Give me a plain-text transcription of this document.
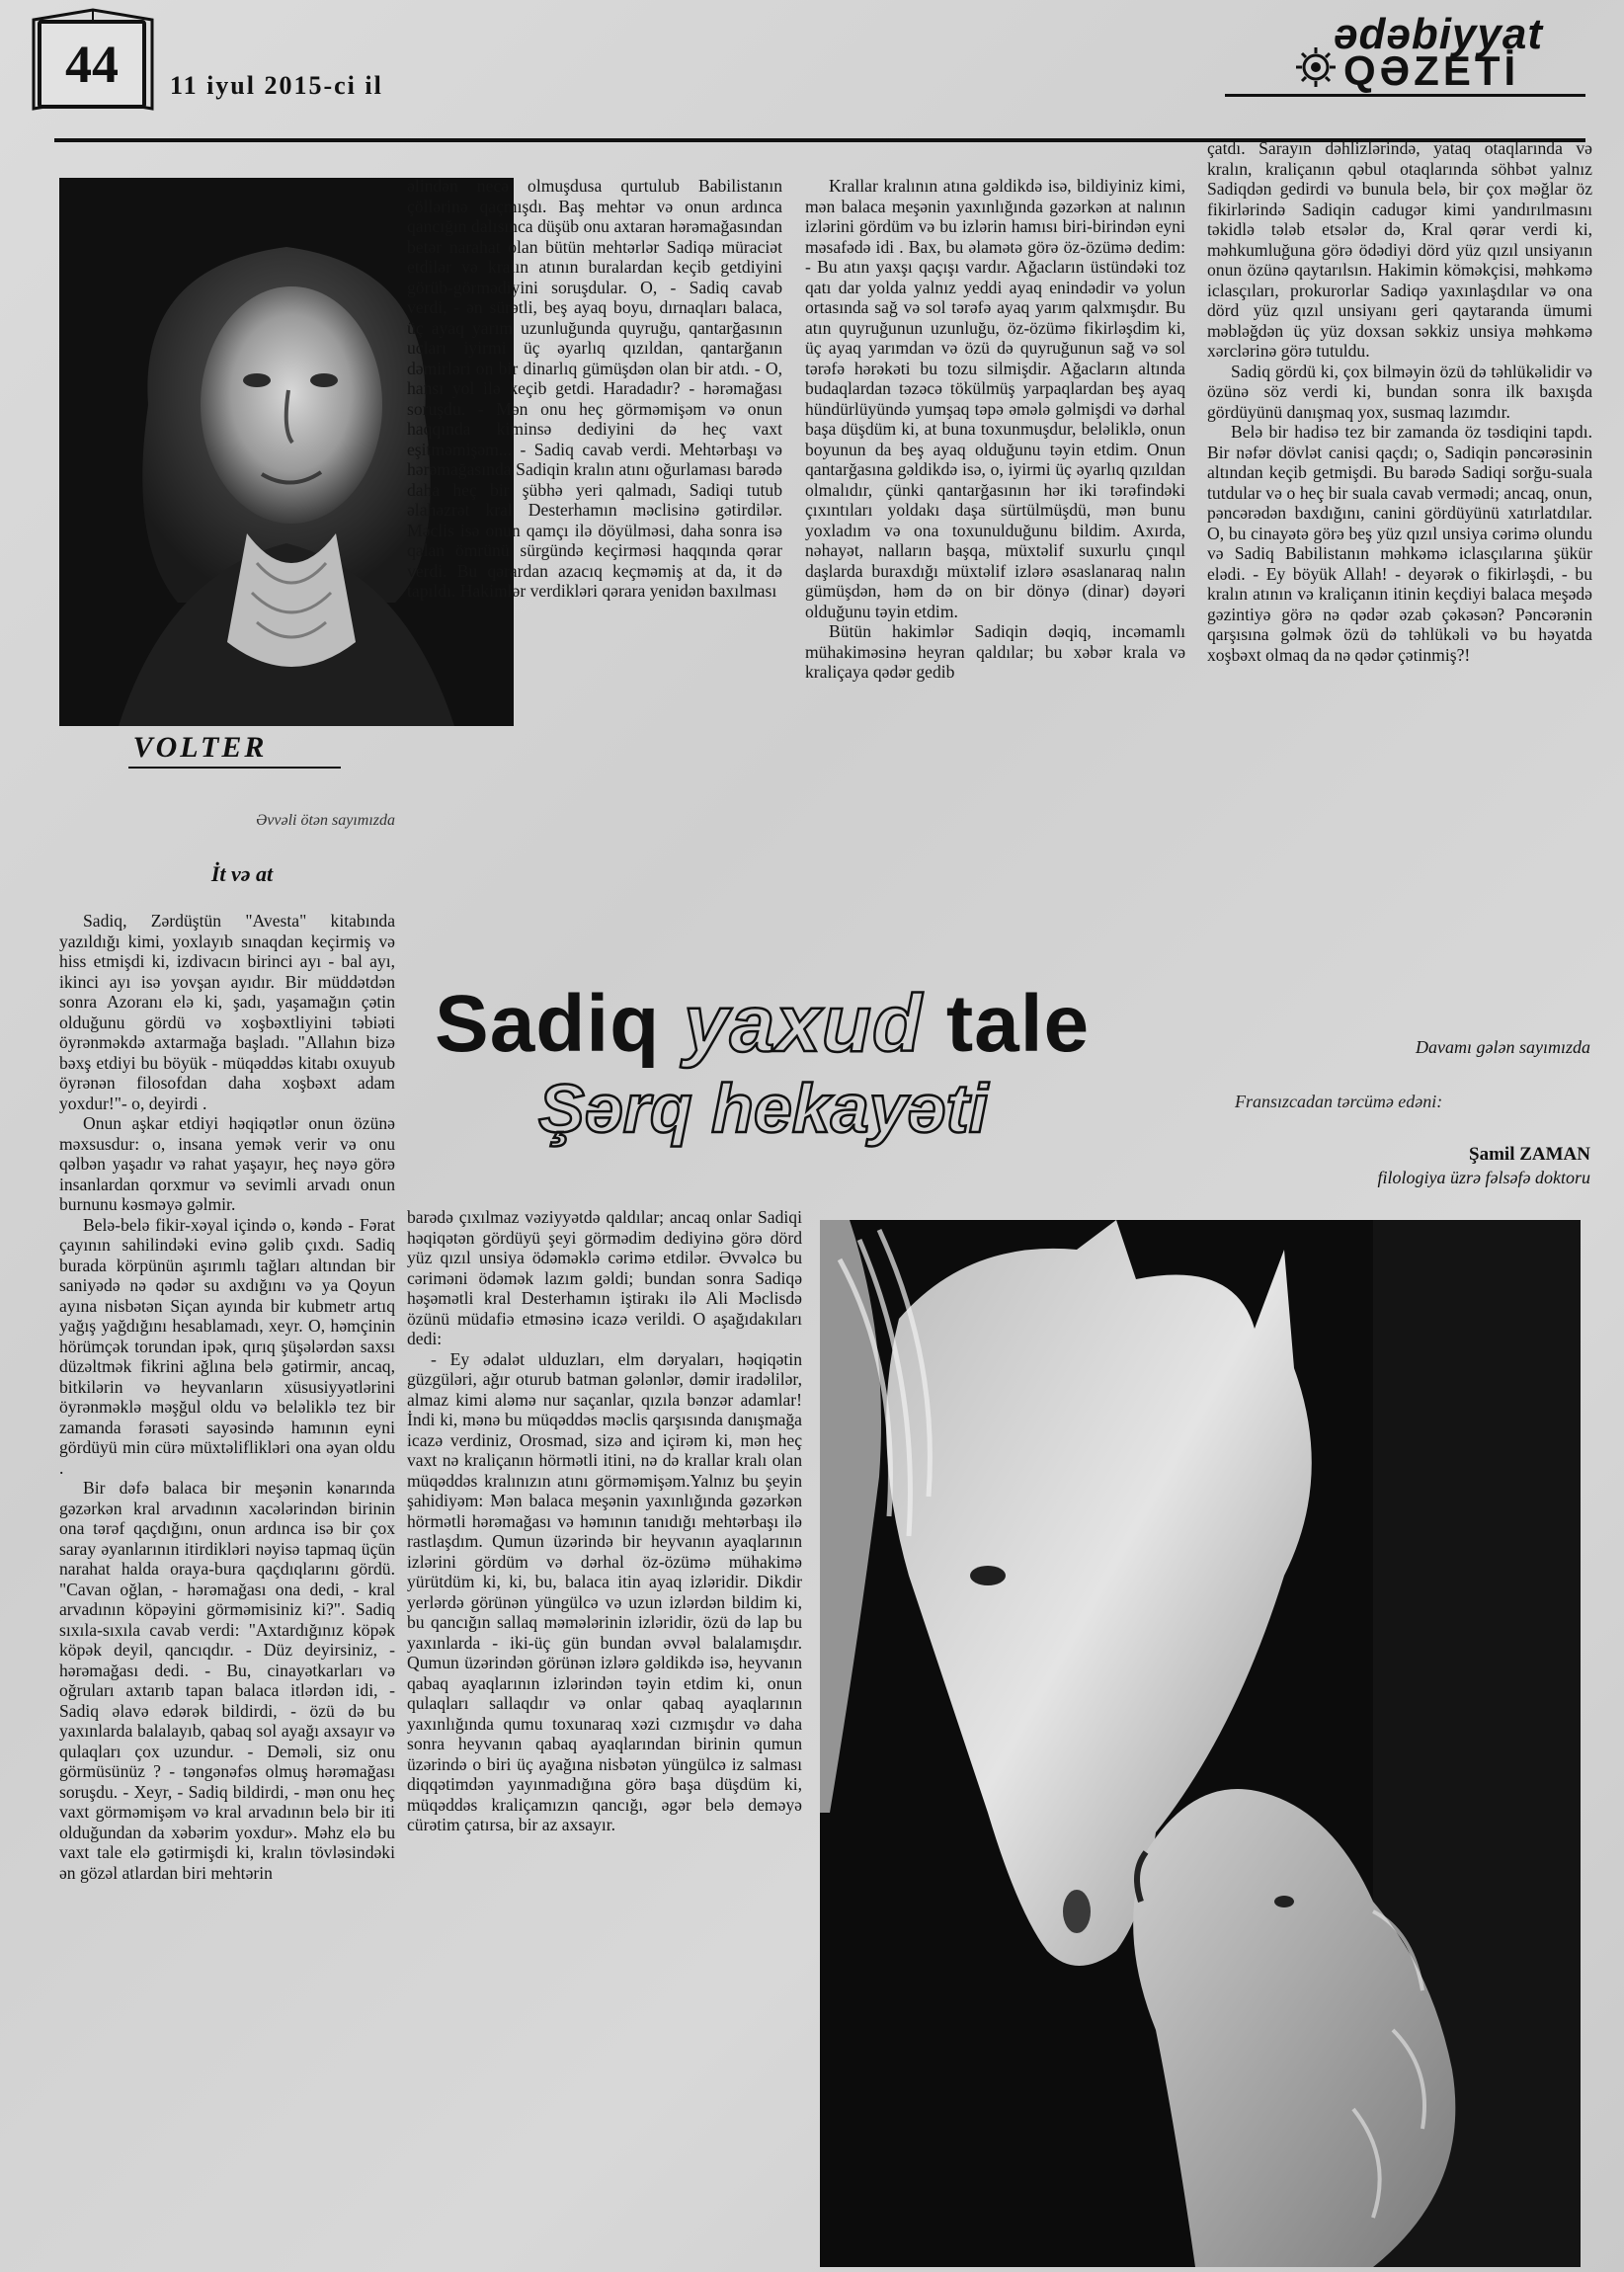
44	11 iyul 2015-ci il
ədəbiyyat
QƏZETİ
VOLTER
Əvvəli ötən sayımızda
İt və at

Sadiq, Zərdüştün "Avesta" kitabında yazıldığı kimi, yoxlayıb sınaqdan keçirmiş və hiss etmişdi ki, izdivacın birinci ayı - bal ayı, ikinci ayı isə yovşan ayıdır. Bir müddətdən sonra Azoranı elə ki, şadı, yaşamağın çətin olduğunu gördü və xoşbəxtliyini təbiəti öyrənməkdə axtarmağa başladı. "Allahın bizə bəxş etdiyi bu böyük - müqəddəs kitabı oxuyub öyrənən filosofdan daha xoşbəxt adam yoxdur!"- o, deyirdi .

Onun aşkar etdiyi həqiqətlər onun özünə məxsusdur: o, insana yemək verir və onu qəlbən yaşadır və rahat yaşayır, heç nəyə görə insanlardan qorxmur və sevimli arvadı onun burnunu kəsməyə gəlmir.

Belə-belə fikir-xəyal içində o, kəndə - Fərat çayının sahilindəki evinə gəlib çıxdı. Sadiq burada körpünün aşırımlı tağları altından bir saniyədə nə qədər su axdığını və ya Qoyun ayına nisbətən Siçan ayında bir kubmetr artıq yağış yağdığını hesablamadı, xeyr. O, həmçinin hörümçək torundan ipək, qırıq şüşələrdən saxsı düzəltmək fikrini ağlına belə gətirmir, ancaq, bitkilərin və heyvanların xüsusiyyətlərini öyrənməklə məşğul oldu və beləliklə tez bir zamanda fərasəti sayəsində hamının eyni gördüyü min cürə müxtəliflikləri ona əyan oldu .

Bir dəfə balaca bir meşənin kənarında gəzərkən kral arvadının xacələrindən birinin ona tərəf qaçdığını, onun ardınca isə bir çox saray əyanlarının itirdikləri nəyisə tapmaq üçün narahat halda oraya-bura qaçdıqlarını gördü. "Cavan oğlan, - hərəmağası ona dedi, - kral arvadının köpəyini görməmisiniz ki?". Sadiq sıxıla-sıxıla cavab verdi: "Axtardığınız köpək köpək deyil, qancıqdır. - Düz deyirsiniz, - hərəmağası dedi. - Bu, cinayətkarları və oğruları axtarıb tapan balaca itlərdən idi, - Sadiq əlavə edərək bildirdi, - özü də bu yaxınlarda balalayıb, qabaq sol ayağı axsayır və qulaqları çox uzundur. - Deməli, siz onu görmüsünüz ? - təngənəfəs olmuş hərəmağası soruşdu. - Xeyr, - Sadiq bildirdi, - mən onu heç vaxt görməmişəm və kral arvadının belə bir iti olduğundan da xəbərim yoxdur». Məhz elə bu vaxt tale elə gətirmişdi ki, kralın tövləsindəki ən gözəl atlardan biri mehtərin

əlindən necə olmuşdusa qurtulub Babilistanın çöllərinə qaçmışdı. Baş mehtər və onun ardınca qancığın dalısınca düşüb onu axtaran hərəmağasından betər narahat olan bütün mehtərlər Sadiqə müraciət etdilər və kralın atının buralardan keçib getdiyini görüb-görmədiyini soruşdular. O, - Sadiq cavab verdi, - ən sürətli, beş ayaq boyu, dırnaqları balaca, üç ayaq yarım uzunluğunda quyruğu, qantarğasının ucları iyirmi üç əyarlıq qızıldan, qantarğanın dəmirləri on bir dinarlıq gümüşdən olan bir atdı. - O, hansı yol ilə keçib getdi. Haradadır? - hərəmağası soruşdu. - Mən onu heç görməmişəm və onun haqqında kiminsə dediyini də heç vaxt eşitməmişəm... - Sadiq cavab verdi. Mehtərbaşı və hərəmağasında Sadiqin kralın atını oğurlaması barədə daha heç bir şübhə yeri qalmadı, Sadiqi tutub əlahəzrət kral Desterhamın məclisinə gətirdilər. Məclis isə onun qamçı ilə döyülməsi, daha sonra isə qalan ömrünü sürgündə keçirməsi haqqında qərar verdi. Bu qərardan azacıq keçməmiş at da, it də tapıldı. Hakimlər verdikləri qərara yenidən baxılması

Krallar kralının atına gəldikdə isə, bildiyiniz kimi, mən balaca meşənin yaxınlığında gəzərkən at nalının izlərini gördüm və bu izlərin hamısı biri-birindən eyni məsafədə idi . Bax, bu əlamətə görə öz-özümə dedim: - Bu atın yaxşı qaçışı vardır. Ağacların üstündəki toz qatı dar yolda yalnız yeddi ayaq enindədir və yolun ortasında sağ və sol tərəfə ayaq yarım qalxmışdır. Bu atın quyruğunun uzunluğu, öz-özümə fikirləşdim ki, üç ayaq yarımdan və özü də quyruğunun sağ və sol tərəfə hərəkəti bu tozu silmişdir. Ağacların altında budaqlardan təzəcə tökülmüş yarpaqlardan beş ayaq hündürlüyündə yumşaq təpə əmələ gəlmişdi və dərhal başa düşdüm ki, at buna toxunmuşdur, beləliklə, onun boyunun da beş ayaq olduğunu təyin etdim. Onun qantarğasına gəldikdə isə, o, iyirmi üç əyarlıq qızıldan olmalıdır, çünki qantarğasının hər iki tərəfindəki çıxıntıları yoldakı daşa sürtülmüşdü, mən bunu yoxladım və ona toxunulduğunu bildim. Axırda, nəhayət, nalların başqa, müxtəlif suxurlu çınqıl daşlarda buraxdığı müxtəlif izlərə əsaslanaraq nalın gümüşdən, həm də on bir dönyə (dinar) dəyəri olduğunu təyin etdim.

Bütün hakimlər Sadiqin dəqiq, incəmamlı mühakiməsinə heyran qaldılar; bu xəbər krala və kraliçaya qədər gedib

çatdı. Sarayın dəhlizlərində, yataq otaqlarında və kralın, kraliçanın qəbul otaqlarında söhbət yalnız Sadiqdən gedirdi və bunula belə, bir çox məğlar öz fikirlərində Sadiqin cadugər kimi yandırılmasını təkidlə tələb etsələr də, Kral qərar verdi ki, məhkumluğuna görə ödədiyi dörd yüz qızıl unsiyanın onun özünə qaytarılsın. Hakimin köməkçisi, məhkəmə iclasçıları, prokurorlar Sadiqə yaxınlaşdılar və ona dörd yüz qızıl unsiyanı geri qaytaranda ümumi məbləğdən üç yüz doxsan səkkiz unsiya məhkəmə xərclərinə görə tutuldu.

Sadiq gördü ki, çox bilməyin özü də təhlükəlidir və özünə söz verdi ki, bundan sonra ilk baxışda gördüyünü danışmaq yox, susmaq lazımdır.

Belə bir hadisə tez bir zamanda öz təsdiqini tapdı. Bir nəfər dövlət canisi qaçdı; o, Sadiqin pəncərəsinin altından keçib getmişdi. Bu barədə Sadiqi sorğu-suala tutdular və o heç bir suala cavab vermədi; ancaq, onun, pəncərədən baxdığını, canini gördüyünü xatırlatdılar. O, bu cinayətə görə beş yüz qızıl unsiya cərimə olundu və Sadiq Babilistanın məhkəmə iclasçılarına şükür elədi. - Ey böyük Allah! - deyərək o fikirləşdi, - bu kralın atının və kraliçanın itinin keçdiyi balaca meşədə gəzintiyə görə nə qədər əzab çəkəsən? Pəncərənin qarşısına gəlmək özü də təhlükəli və bu həyatda xoşbəxt olmaq da nə qədər çətinmiş?!

Sadiq yaxud tale
Şərq hekayəti
Davamı gələn sayımızda
Fransızcadan tərcümə edəni:
Şamil ZAMAN
filologiya üzrə fəlsəfə doktoru

barədə çıxılmaz vəziyyətdə qaldılar; ancaq onlar Sadiqi həqiqətən gördüyü şeyi görmədim dediyinə görə dörd yüz qızıl unsiya ödəməklə cərimə etdilər. Əvvəlcə bu cəriməni ödəmək lazım gəldi; bundan sonra Sadiqə həşəmətli kral Desterhamın iştirakı ilə Ali Məclisdə özünü müdafiə etməsinə icazə verildi. O aşağıdakıları dedi:

- Ey ədalət ulduzları, elm dəryaları, həqiqətin güzgüləri, ağır oturub batman gələnlər, dəmir iradəlilər, almaz kimi aləmə nur saçanlar, qızıla bənzər adamlar! İndi ki, mənə bu müqəddəs məclis qarşısında danışmağa icazə verdiniz, Orosmad, sizə and içirəm ki, mən heç vaxt nə kraliçanın hörmətli itini, nə də krallar kralı olan müqəddəs kralınızın atını görməmişəm.Yalnız bu şeyin şahidiyəm: Mən balaca meşənin yaxınlığında gəzərkən hörmətli hərəmağası və həmının tanıdığı mehtərbaşı ilə rastlaşdım. Qumun üzərində bir heyvanın ayaqlarının izlərini gördüm və dərhal öz-özümə mühakimə yürütdüm ki, ki, bu, balaca itin ayaq izləridir. Dikdir yerlərdə görünən yüngülcə və uzun izlərdən bildim ki, bu qancığın sallaq məmələrinin izləridir, özü də lap bu yaxınlarda - iki-üç gün bundan əvvəl balalamışdır. Qumun üzərindən görünən izlərə gəldikdə isə, heyvanın qabaq ayaqlarının izlərindən təyin etdim ki, onun qulaqları sallaqdır və onlar qabaq ayaqlarının yaxınlığında qumu toxunaraq xəzi cızmışdır və daha sonra heyvanın qabaq ayaqlarından birinin qumun üzərində o biri üç ayağına nisbətən yüngülcə iz salması diqqətimdən yayınmadığına görə başa düşdüm ki, müqəddəs kraliçamızın qancığı, əgər belə deməyə cürətim çatırsa, bir az axsayır.
